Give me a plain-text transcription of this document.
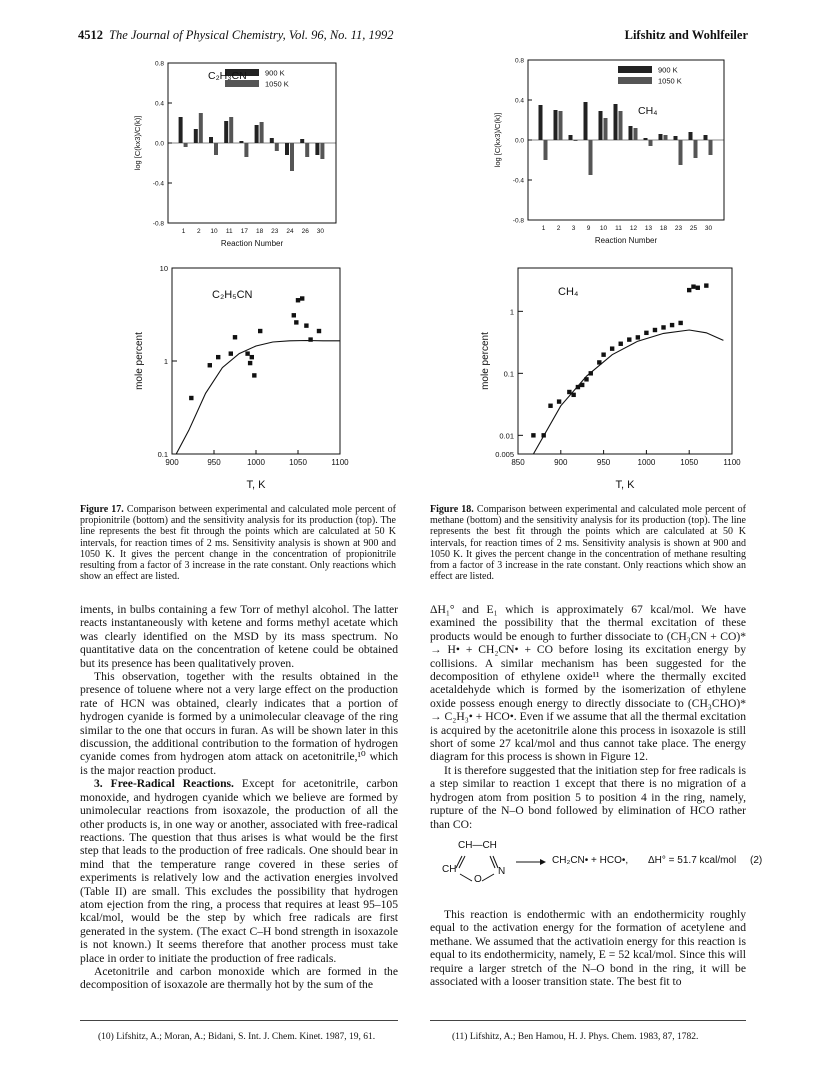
4512 The Journal of Physical Chemistry, Vol. 96, No. 11, 1992	Lifshitz and Wohlfeiler
0.8
0.4
0.0
-0.4
-0.8
1 2 10 11 17 18 23 24 26 30
900 K
1050 K
C₂H₃CN
Reaction Number
log [C(kx3)/C(k)]
0.8
0.4
0.0
-0.4
-0.8
1 2 3 9 10 11 12 13 18 23 25 30
900 K
1050 K
CH₄
Reaction Number
log [C(kx3)/C(k)]
900	950	1000	1050	1100
10
1
0.1
C₂H₅CN
T, K
mole percent
850	900	950	1000	1050	1100
1
0.1
0.01
0.005
CH₄
T, K
mole percent
Figure 17. Comparison between experimental and calculated mole percent of propionitrile (bottom) and the sensitivity analysis for its production (top). The line represents the best fit through the points which are calculated at 50 K intervals, for reaction times of 2 ms. Sensitivity analysis is shown at 900 and 1050 K. It gives the percent change in the concentration of propionitrile resulting from a factor of 3 increase in the rate constant. Only reactions which show an effect are listed.
Figure 18. Comparison between experimental and calculated mole percent of methane (bottom) and the sensitivity analysis for its production (top). The line represents the best fit through the points which are calculated at 50 K intervals, for reaction times of 2 ms. Sensitivity analysis is shown at 900 and 1050 K. It gives the percent change in the concentration of methane resulting from a factor of 3 increase in the rate constant. Only reactions which show an effect are listed.

iments, in bulbs containing a few Torr of methyl alcohol. The latter reacts instantaneously with ketene and forms methyl acetate which was clearly identified on the MSD by its mass spectrum. No quantitative data on the concentration of ketene could be obtained but its presence has been qualitatively proven.

This observation, together with the results obtained in the presence of toluene where not a very large effect on the production rate of HCN was obtained, clearly indicates that a portion of hydrogen cyanide is formed by a unimolecular cleavage of the ring similar to the one that occurs in furan. As will be shown later in this discussion, the additional contribution to the formation of hydrogen cyanide comes from hydrogen atom attack on acetonitrile,¹⁰ which is the major reaction product.

3. Free-Radical Reactions. Except for acetonitrile, carbon monoxide, and hydrogen cyanide which we believe are formed by unimolecular reactions from isoxazole, the production of all the other products is, in one way or another, associated with free-radical reactions. The question that thus arises is what would be the first step that leads to the production of free radicals. One should bear in mind that the temperature range covered in these series of experiments is relatively low and the activation energies involved (Table II) are small. This excludes the possibility that hydrogen atom ejection from the ring, a process that requires at least 95–105 kcal/mol, would be the step by which free radicals are first generated in the system. (The exact C–H bond strength in isoxazole is not known.) It seems therefore that another process must take place in order to initiate the production of free radicals.

Acetonitrile and carbon monoxide which are formed in the decomposition of isoxazole are thermally hot by the sum of the

ΔH₁° and E₁ which is approximately 67 kcal/mol. We have examined the possibility that the thermal excitation of these products would be enough to further dissociate to (CH₃CN + CO)* → H• + CH₂CN• + CO before losing its excitation energy by collisions. A similar mechanism has been suggested for the decomposition of ethylene oxide¹¹ where the thermally excited acetaldehyde which is formed by the isomerization of ethylene oxide possess enough energy to directly dissociate to (CH₃CHO)* → C₂H₃• + HCO•. Even if we assume that all the thermal excitation is acquired by the acetonitrile alone this process in isoxazole is still short of some 27 kcal/mol and thus cannot take place. The energy diagram for this process is shown in Figure 12.

It is therefore suggested that the initiation step for free radicals is a step similar to reaction 1 except that there is no migration of a hydrogen atom from position 5 to position 4 in the ring, namely, rupture of the N–O bond followed by elimination of HCO rather than CO:

CH—CH
CH	N
O
CH₂CN• + HCO•, ΔH° = 51.7 kcal/mol (2)

This reaction is endothermic with an endothermicity roughly equal to the activation energy for the formation of acetylene and methane. We assumed that the activatioin energy for this reaction is equal to its endothermicity, namely, E = 52 kcal/mol. Since this will require a larger stretch of the N–O bond in the ring, it will be associated with a looser transition state. The best fit to

(10) Lifshitz, A.; Moran, A.; Bidani, S. Int. J. Chem. Kinet. 1987, 19, 61.	(11) Lifshitz, A.; Ben Hamou, H. J. Phys. Chem. 1983, 87, 1782.
